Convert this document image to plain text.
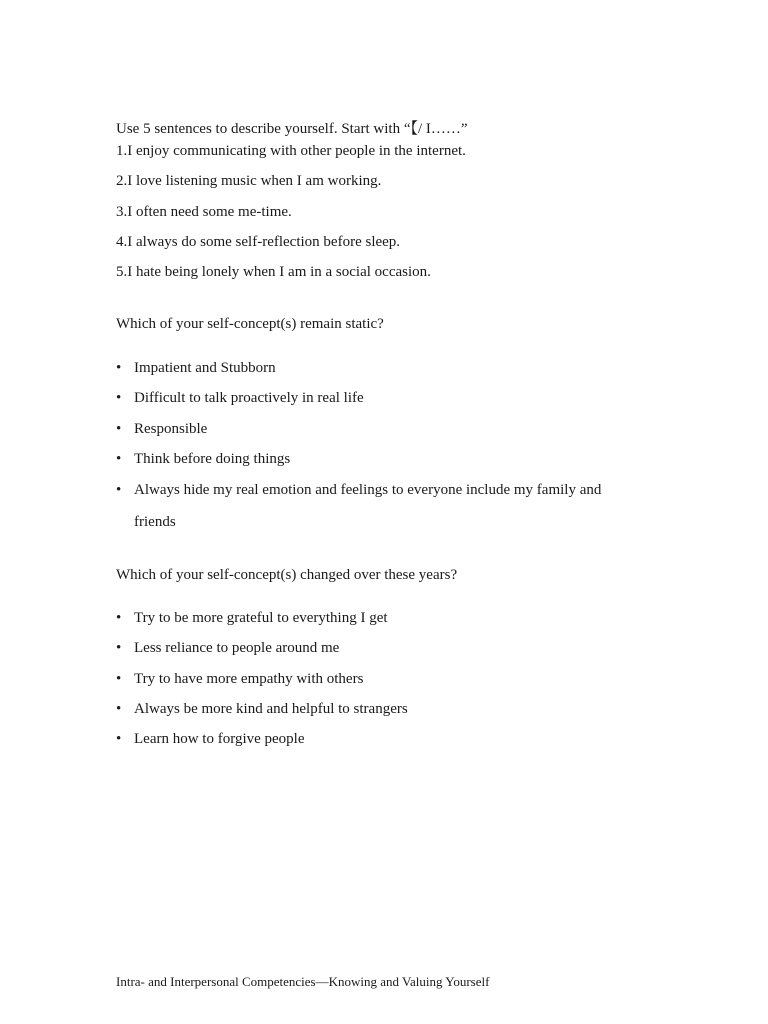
Use 5 sentences to describe yourself. Start with “【/ I……”
1.I enjoy communicating with other people in the internet.
2.I love listening music when I am working.
3.I often need some me-time.
4.I always do some self-reflection before sleep.
5.I hate being lonely when I am in a social occasion.
Which of your self-concept(s) remain static?
• Impatient and Stubborn
• Difficult to talk proactively in real life
• Responsible
• Think before doing things
• Always hide my real emotion and feelings to everyone include my family and
friends
Which of your self-concept(s) changed over these years?
• Try to be more grateful to everything I get
• Less reliance to people around me
• Try to have more empathy with others
• Always be more kind and helpful to strangers
• Learn how to forgive people
Intra- and Interpersonal Competencies—Knowing and Valuing Yourself
